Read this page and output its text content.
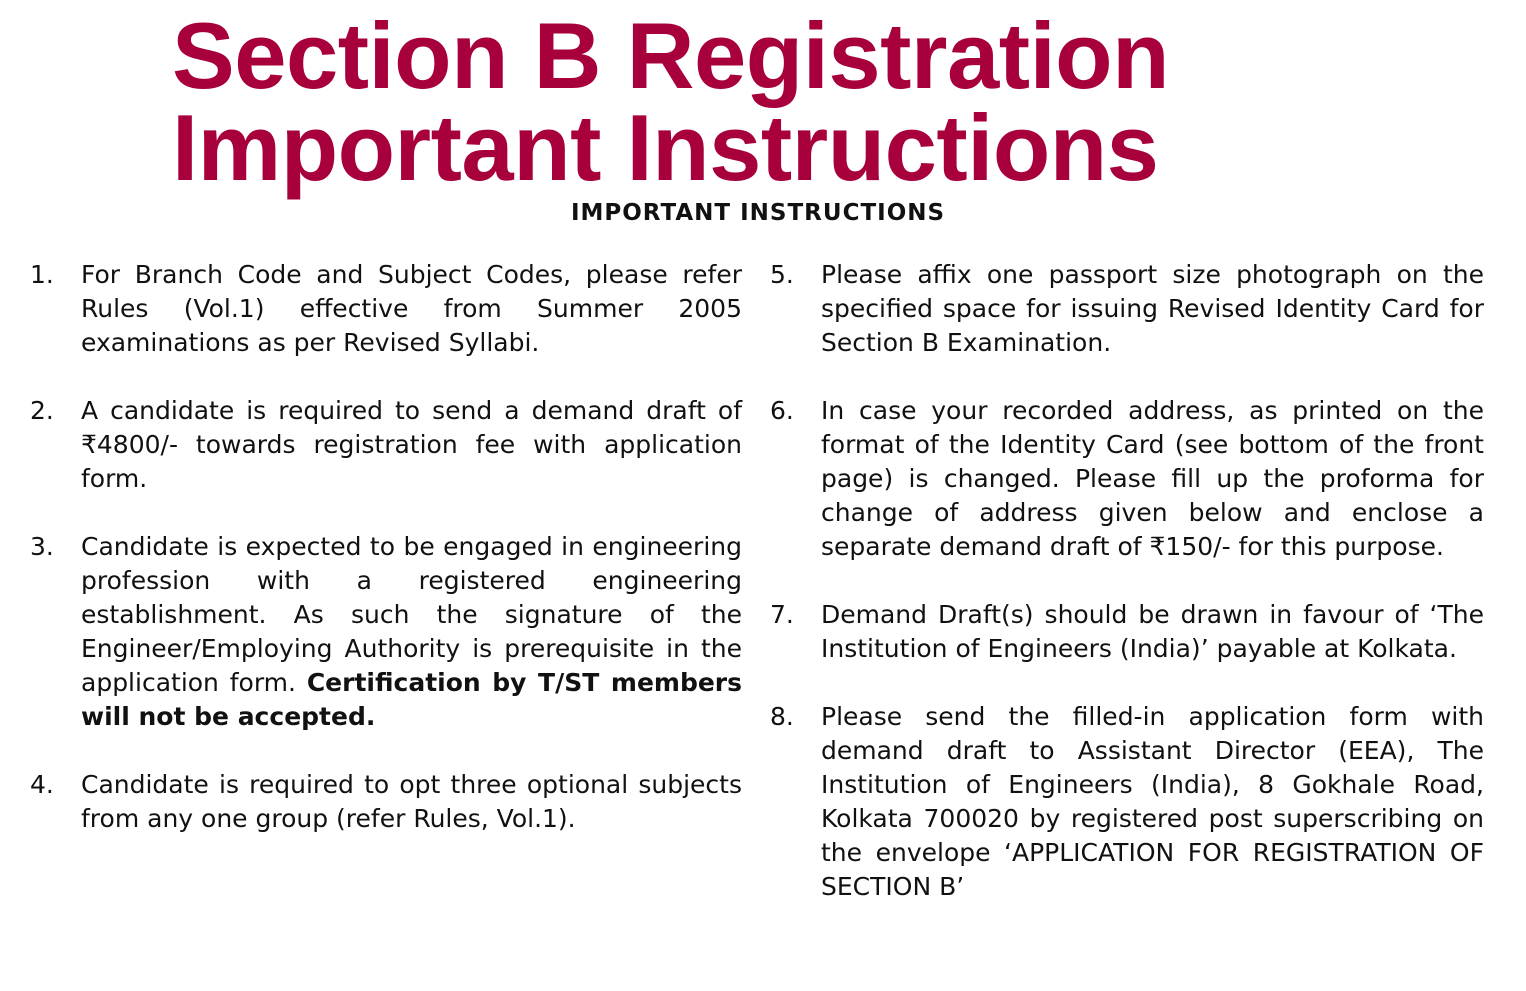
Section B Registration
Important Instructions
IMPORTANT INSTRUCTIONS
1.	For Branch Code and Subject Codes, please refer Rules (Vol.1) effective from Summer 2005 examinations as per Revised Syllabi.
2.	A candidate is required to send a demand draft of ₹4800/- towards registration fee with application form.
3.	Candidate is expected to be engaged in engineering profession with a registered engineering establishment. As such the signature of the Engineer/Employing Authority is prerequisite in the application form. Certification by T/ST members will not be accepted.
4.	Candidate is required to opt three optional subjects from any one group (refer Rules, Vol.1).
5.	Please affix one passport size photograph on the specified space for issuing Revised Identity Card for Section B Examination.
6.	In case your recorded address, as printed on the format of the Identity Card (see bottom of the front page) is changed. Please fill up the proforma for change of address given below and enclose a separate demand draft of ₹150/- for this purpose.
7.	Demand Draft(s) should be drawn in favour of ‘The Institution of Engineers (India)’ payable at Kolkata.
8.	Please send the filled-in application form with demand draft to Assistant Director (EEA), The Institution of Engineers (India), 8 Gokhale Road, Kolkata 700020 by registered post superscribing on the envelope ‘APPLICATION FOR REGISTRATION OF SECTION B’
